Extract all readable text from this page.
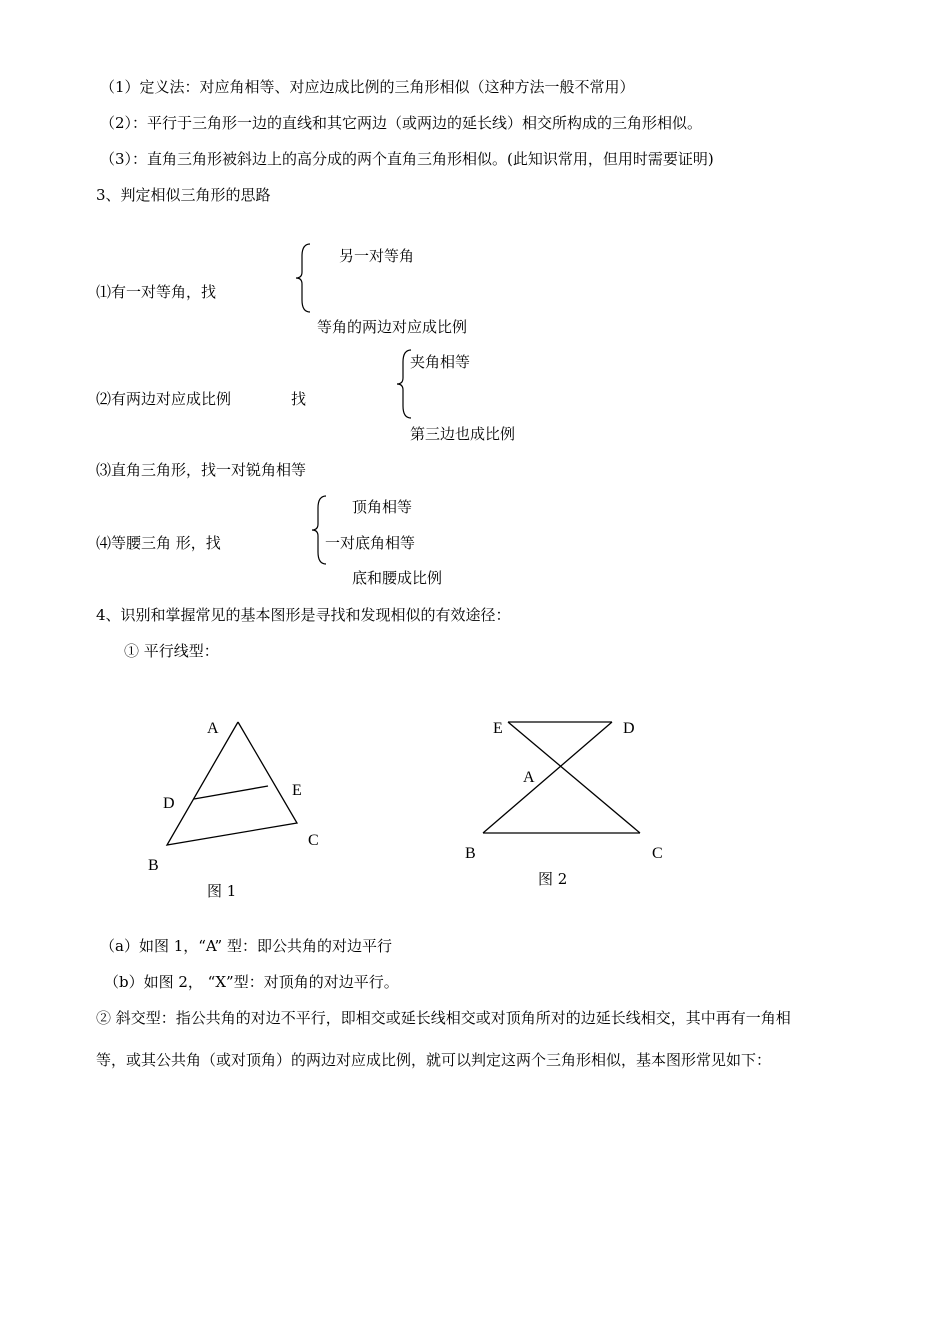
（1）定义法：对应角相等、对应边成比例的三角形相似（这种方法一般不常用）
（2）：平行于三角形一边的直线和其它两边（或两边的延长线）相交所构成的三角形相似。
（3）：直角三角形被斜边上的高分成的两个直角三角形相似。(此知识常用，但用时需要证明)
3、判定相似三角形的思路
⑴有一对等角，找
另一对等角
等角的两边对应成比例
⑵有两边对应成比例	找
夹角相等
第三边也成比例
⑶直角三角形，找一对锐角相等
⑷等腰三角 形，找
顶角相等
一对底角相等
底和腰成比例
4、识别和掌握常见的基本图形是寻找和发现相似的有效途径：
① 平行线型：
A
D
E
B
C
图 1
E	D
A
B	C
图 2
（a）如图 1，“A” 型：即公共角的对边平行
（b）如图 2， “X”型：对顶角的对边平行。
② 斜交型：指公共角的对边不平行，即相交或延长线相交或对顶角所对的边延长线相交，其中再有一角相
等，或其公共角（或对顶角）的两边对应成比例，就可以判定这两个三角形相似，基本图形常见如下：
